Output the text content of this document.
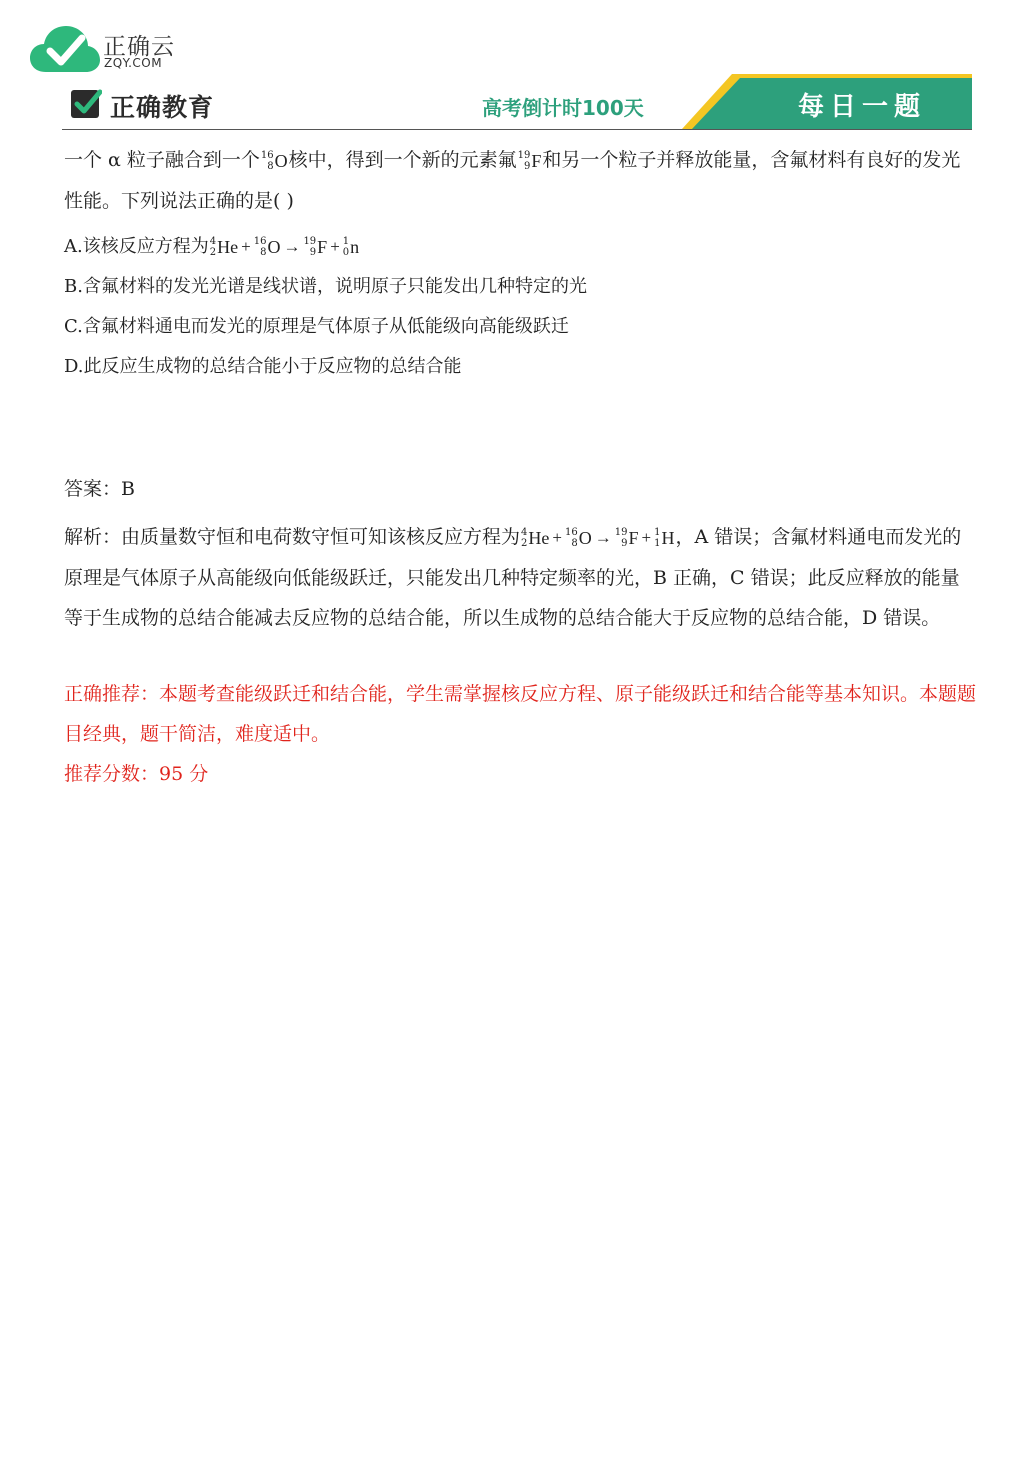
正确云
ZQY.COM
正确教育	高考倒计时100天	每日一题

一个 α 粒子融合到一个 16
8 O 核中，得到一个新的元素氟 19
9 F 和另一个粒子并释放能量，含氟材料有良好的发光性能。下列说法正确的是( )

A.该核反应方程为 4
2 He + 16
8 O → 19
9 F + 1
0 n

B.含氟材料的发光光谱是线状谱，说明原子只能发出几种特定的光

C.含氟材料通电而发光的原理是气体原子从低能级向高能级跃迁

D.此反应生成物的总结合能小于反应物的总结合能

答案：B

解析：由质量数守恒和电荷数守恒可知该核反应方程为 4
2 He + 16
8 O → 19
9 F + 1
1 H ，A 错误；含氟材料通电而发光的原理是气体原子从高能级向低能级跃迁，只能发出几种特定频率的光，B 正确，C 错误；此反应释放的能量等于生成物的总结合能减去反应物的总结合能，所以生成物的总结合能大于反应物的总结合能，D 错误。

正确推荐：本题考查能级跃迁和结合能，学生需掌握核反应方程、原子能级跃迁和结合能等基本知识。本题题目经典，题干简洁，难度适中。

推荐分数：95 分
